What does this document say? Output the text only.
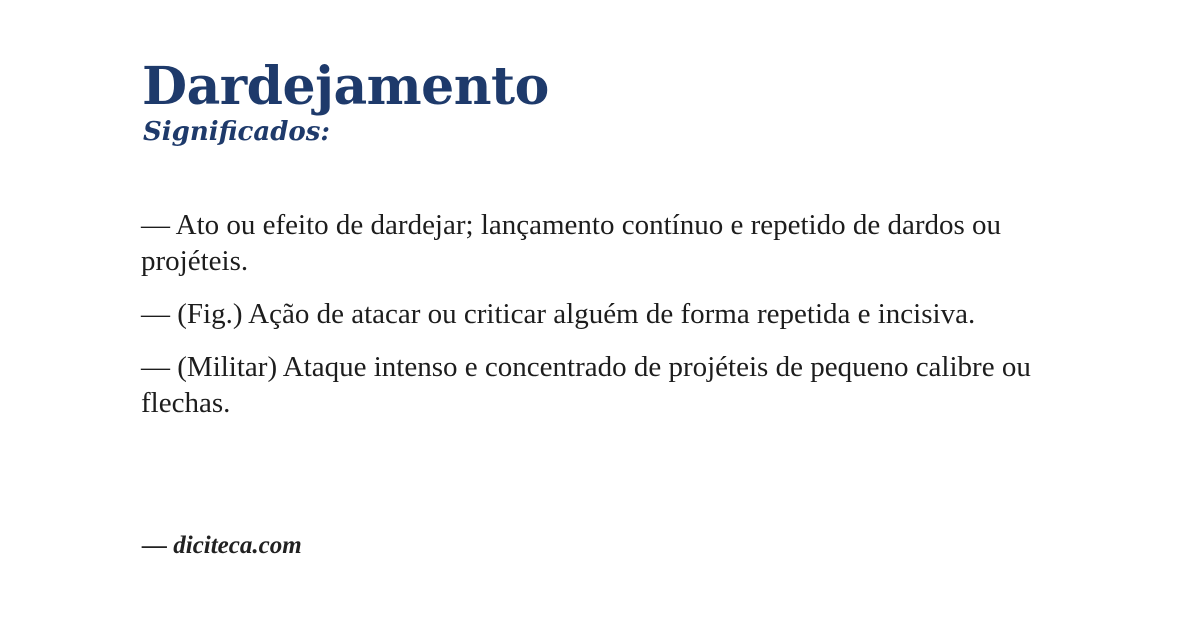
Dardejamento
Significados:

— Ato ou efeito de dardejar; lançamento contínuo e repetido de dardos ou projéteis.

— (Fig.) Ação de atacar ou criticar alguém de forma repetida e incisiva.

— (Militar) Ataque intenso e concentrado de projéteis de pequeno calibre ou flechas.

— diciteca.com
